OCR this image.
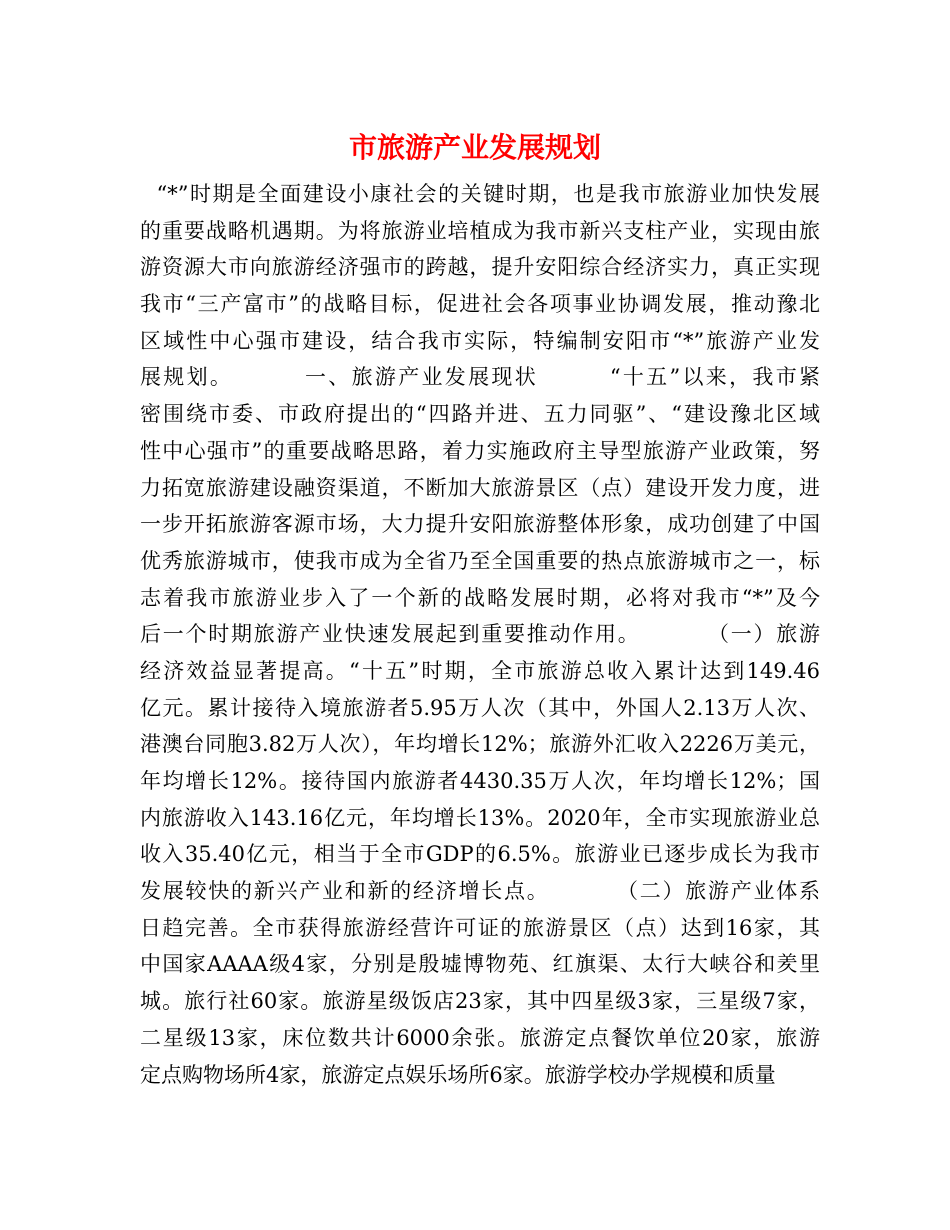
市旅游产业发展规划
“*”时期是全面建设小康社会的关键时期，也是我市旅游业加快发展
的重要战略机遇期。为将旅游业培植成为我市新兴支柱产业，实现由旅
游资源大市向旅游经济强市的跨越，提升安阳综合经济实力，真正实现
我市“三产富市”的战略目标，促进社会各项事业协调发展，推动豫北
区域性中心强市建设，结合我市实际，特编制安阳市“*”旅游产业发
展规划。        一、旅游产业发展现状        “十五”以来，我市紧
密围绕市委、市政府提出的“四路并进、五力同驱”、“建设豫北区域
性中心强市”的重要战略思路，着力实施政府主导型旅游产业政策，努
力拓宽旅游建设融资渠道，不断加大旅游景区（点）建设开发力度，进
一步开拓旅游客源市场，大力提升安阳旅游整体形象，成功创建了中国
优秀旅游城市，使我市成为全省乃至全国重要的热点旅游城市之一，标
志着我市旅游业步入了一个新的战略发展时期，必将对我市“*”及今
后一个时期旅游产业快速发展起到重要推动作用。        （一）旅游
经济效益显著提高。“十五”时期，全市旅游总收入累计达到149.46
亿元。累计接待入境旅游者5.95万人次（其中，外国人2.13万人次、
港澳台同胞3.82万人次），年均增长12%；旅游外汇收入2226万美元，
年均增长12%。接待国内旅游者4430.35万人次，年均增长12%；国
内旅游收入143.16亿元，年均增长13%。2020年，全市实现旅游业总
收入35.40亿元，相当于全市GDP的6.5%。旅游业已逐步成长为我市
发展较快的新兴产业和新的经济增长点。        （二）旅游产业体系
日趋完善。全市获得旅游经营许可证的旅游景区（点）达到16家，其
中国家AAAA级4家，分别是殷墟博物苑、红旗渠、太行大峡谷和羑里
城。旅行社60家。旅游星级饭店23家，其中四星级3家，三星级7家，
二星级13家，床位数共计6000余张。旅游定点餐饮单位20家，旅游
定点购物场所4家，旅游定点娱乐场所6家。旅游学校办学规模和质量
